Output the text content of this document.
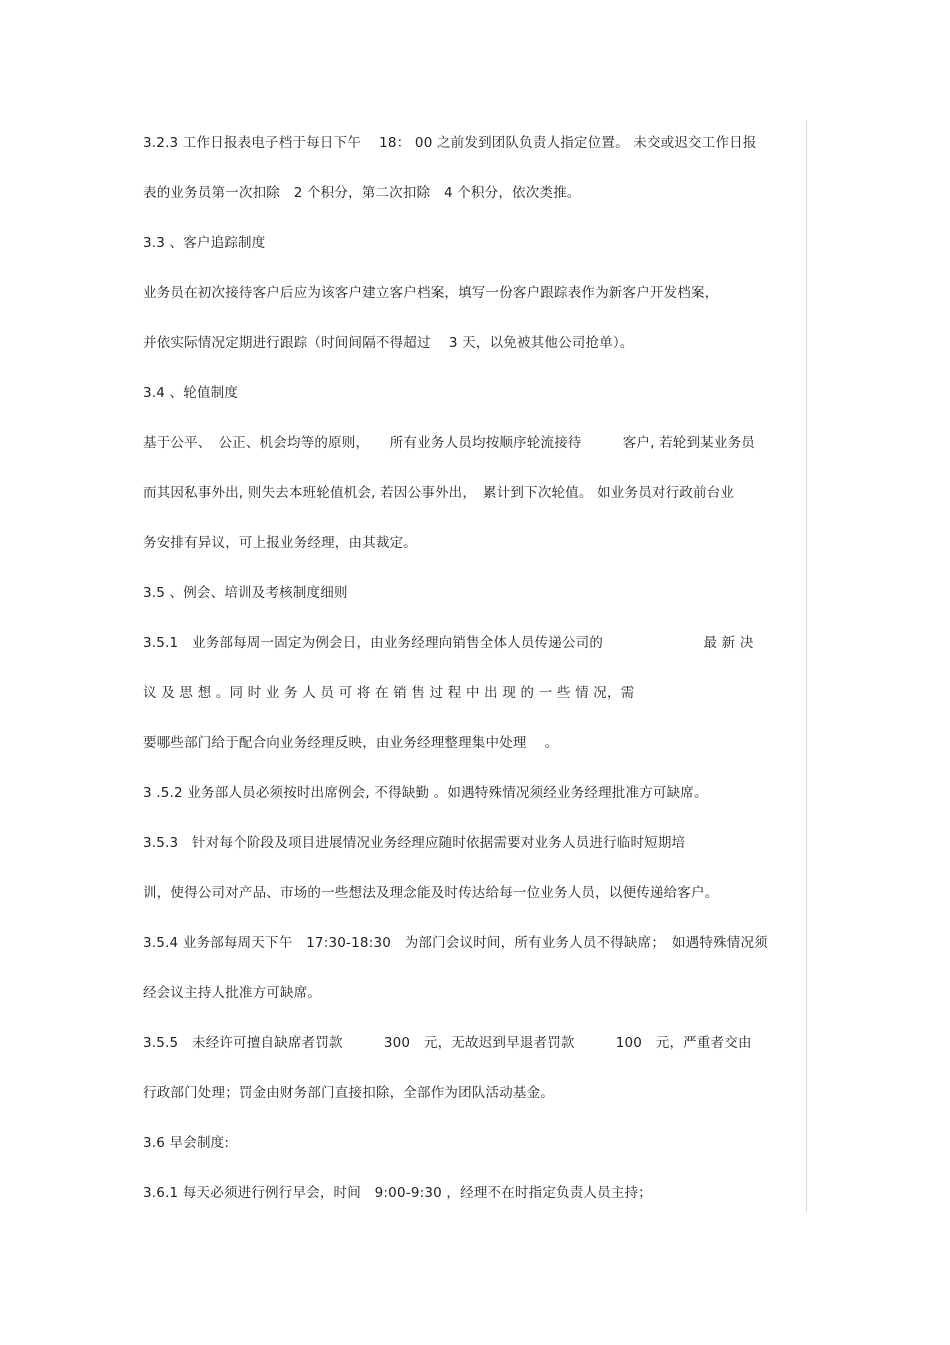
3.2.3 工作日报表电子档于每日下午　 18： 00 之前发到团队负责人指定位置。 未交或迟交工作日报
表的业务员第一次扣除　2 个积分，第二次扣除　4 个积分，依次类推。
3.3 、客户追踪制度
业务员在初次接待客户后应为该客户建立客户档案，填写一份客户跟踪表作为新客户开发档案，
并依实际情况定期进行跟踪（时间间隔不得超过　 3 天，以免被其他公司抢单）。
3.4 、轮值制度
基于公平、　公正、机会均等的原则，　　所有业务人员均按顺序轮流接待　　　客户, 若轮到某业务员
而其因私事外出, 则失去本班轮值机会, 若因公事外出，　累计到下次轮值。 如业务员对行政前台业
务安排有异议，可上报业务经理，由其裁定。
3.5 、例会、培训及考核制度细则
3.5.1　业务部每周一固定为例会日，由业务经理向销售全体人员传递公司的　　　　　　　 最 新 决
议 及 思 想 。同 时 业 务 人 员 可 将 在 销 售 过 程 中 出 现 的 一 些 情 况，需
要哪些部门给于配合向业务经理反映，由业务经理整理集中处理　 。
3 .5.2 业务部人员必须按时出席例会, 不得缺勤 。如遇特殊情况须经业务经理批准方可缺席。
3.5.3　针对每个阶段及项目进展情况业务经理应随时依据需要对业务人员进行临时短期培
训，使得公司对产品、市场的一些想法及理念能及时传达给每一位业务人员，以便传递给客户。
3.5.4 业务部每周天下午　17:30-18:30　为部门会议时间，所有业务人员不得缺席；　如遇特殊情况须
经会议主持人批准方可缺席。
3.5.5　未经许可擅自缺席者罚款　　　300　元，无故迟到早退者罚款　　　100　元，严重者交由
行政部门处理；罚金由财务部门直接扣除，全部作为团队活动基金。
3.6 早会制度:
3.6.1 每天必须进行例行早会，时间　9:00-9:30 ，经理不在时指定负责人员主持；
